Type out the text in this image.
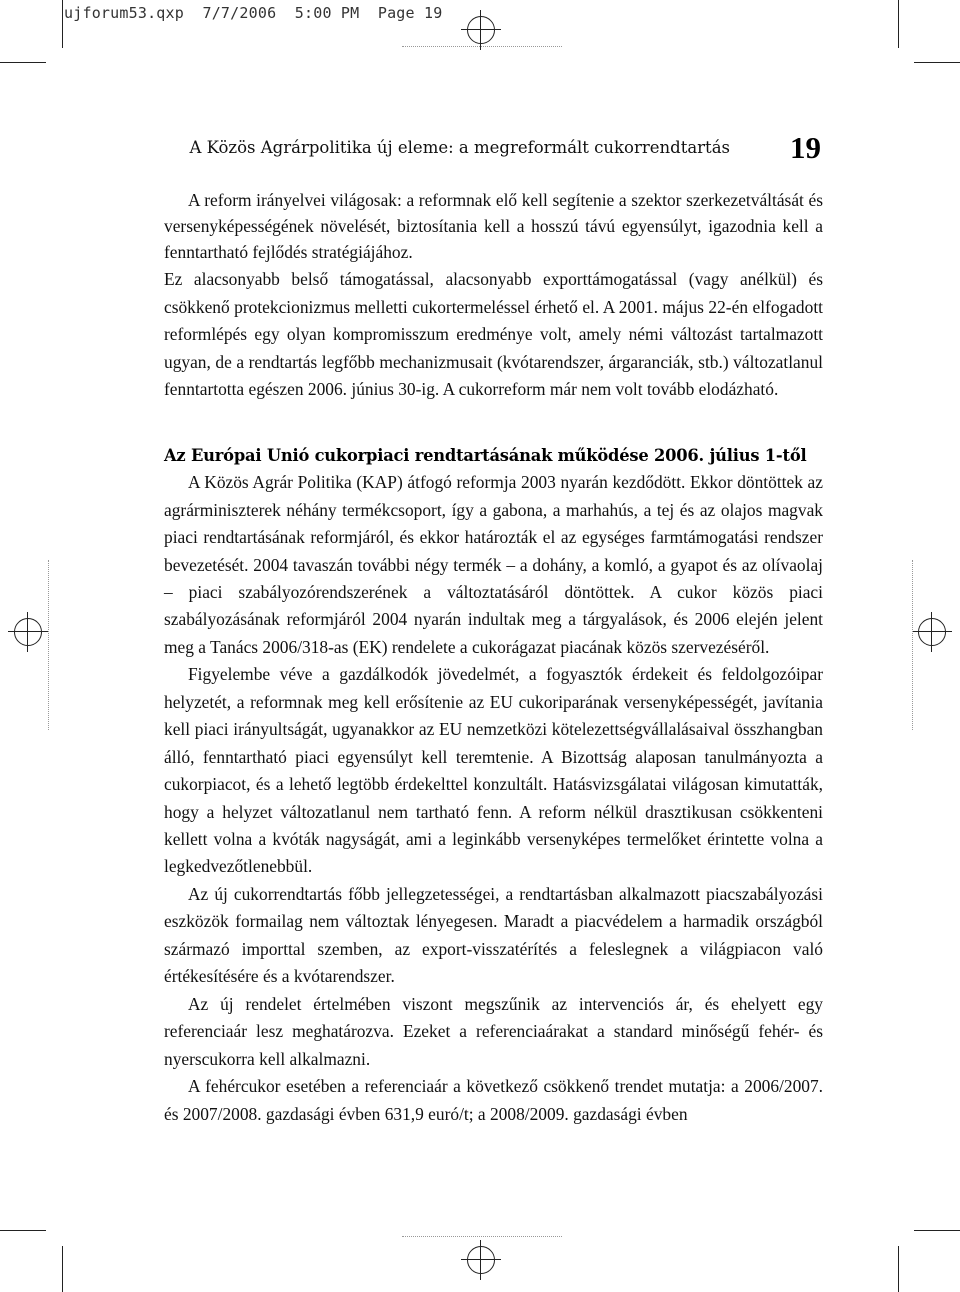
ujforum53.qxp  7/7/2006  5:00 PM  Page 19
A Közös Agrárpolitika új eleme: a megreformált cukorrendtartás 19

A reform irányelvei világosak: a reformnak elő kell segítenie a szektor szerkezetváltását és versenyképességének növelését, biztosítania kell a hosszú távú egyensúlyt, igazodnia kell a fenntartható fejlődés stratégiájához.

Ez alacsonyabb belső támogatással, alacsonyabb exporttámogatással (vagy anélkül) és csökkenő protekcionizmus melletti cukortermeléssel érhető el. A 2001. május 22-én elfogadott reformlépés egy olyan kompromisszum eredménye volt, amely némi változást tartalmazott ugyan, de a rendtartás legfőbb mechanizmusait (kvótarendszer, árgaranciák, stb.) változatlanul fenntartotta egészen 2006. június 30-ig. A cukorreform már nem volt tovább elodázható.

Az Európai Unió cukorpiaci rendtartásának működése 2006. július 1-től

A Közös Agrár Politika (KAP) átfogó reformja 2003 nyarán kezdődött. Ekkor döntöttek az agrárminiszterek néhány termékcsoport, így a gabona, a marhahús, a tej és az olajos magvak piaci rendtartásának reformjáról, és ekkor határozták el az egységes farmtámogatási rendszer bevezetését. 2004 tavaszán további négy termék – a dohány, a komló, a gyapot és az olívaolaj – piaci szabályozórendszerének a változtatásáról döntöttek. A cukor közös piaci szabályozásának reformjáról 2004 nyarán indultak meg a tárgyalások, és 2006 elején jelent meg a Tanács 2006/318-as (EK) rendelete a cukorágazat piacának közös szervezéséről.

Figyelembe véve a gazdálkodók jövedelmét, a fogyasztók érdekeit és feldolgozóipar helyzetét, a reformnak meg kell erősítenie az EU cukoriparának versenyképességét, javítania kell piaci irányultságát, ugyanakkor az EU nemzetközi kötelezettségvállalásaival összhangban álló, fenntartható piaci egyensúlyt kell teremtenie. A Bizottság alaposan tanulmányozta a cukorpiacot, és a lehető legtöbb érdekelttel konzultált. Hatásvizsgálatai világosan kimutatták, hogy a helyzet változatlanul nem tartható fenn. A reform nélkül drasztikusan csökkenteni kellett volna a kvóták nagyságát, ami a leginkább versenyképes termelőket érintette volna a legkedvezőtlenebbül.

Az új cukorrendtartás főbb jellegzetességei, a rendtartásban alkalmazott piacszabályozási eszközök formailag nem változtak lényegesen. Maradt a piacvédelem a harmadik országból származó importtal szemben, az export-visszatérítés a feleslegnek a világpiacon való értékesítésére és a kvótarendszer.

Az új rendelet értelmében viszont megszűnik az intervenciós ár, és ehelyett egy referenciaár lesz meghatározva. Ezeket a referenciaárakat a standard minőségű fehér- és nyerscukorra kell alkalmazni.

A fehércukor esetében a referenciaár a következő csökkenő trendet mutatja: a 2006/2007. és 2007/2008. gazdasági évben 631,9 euró/t; a 2008/2009. gazdasági évben
